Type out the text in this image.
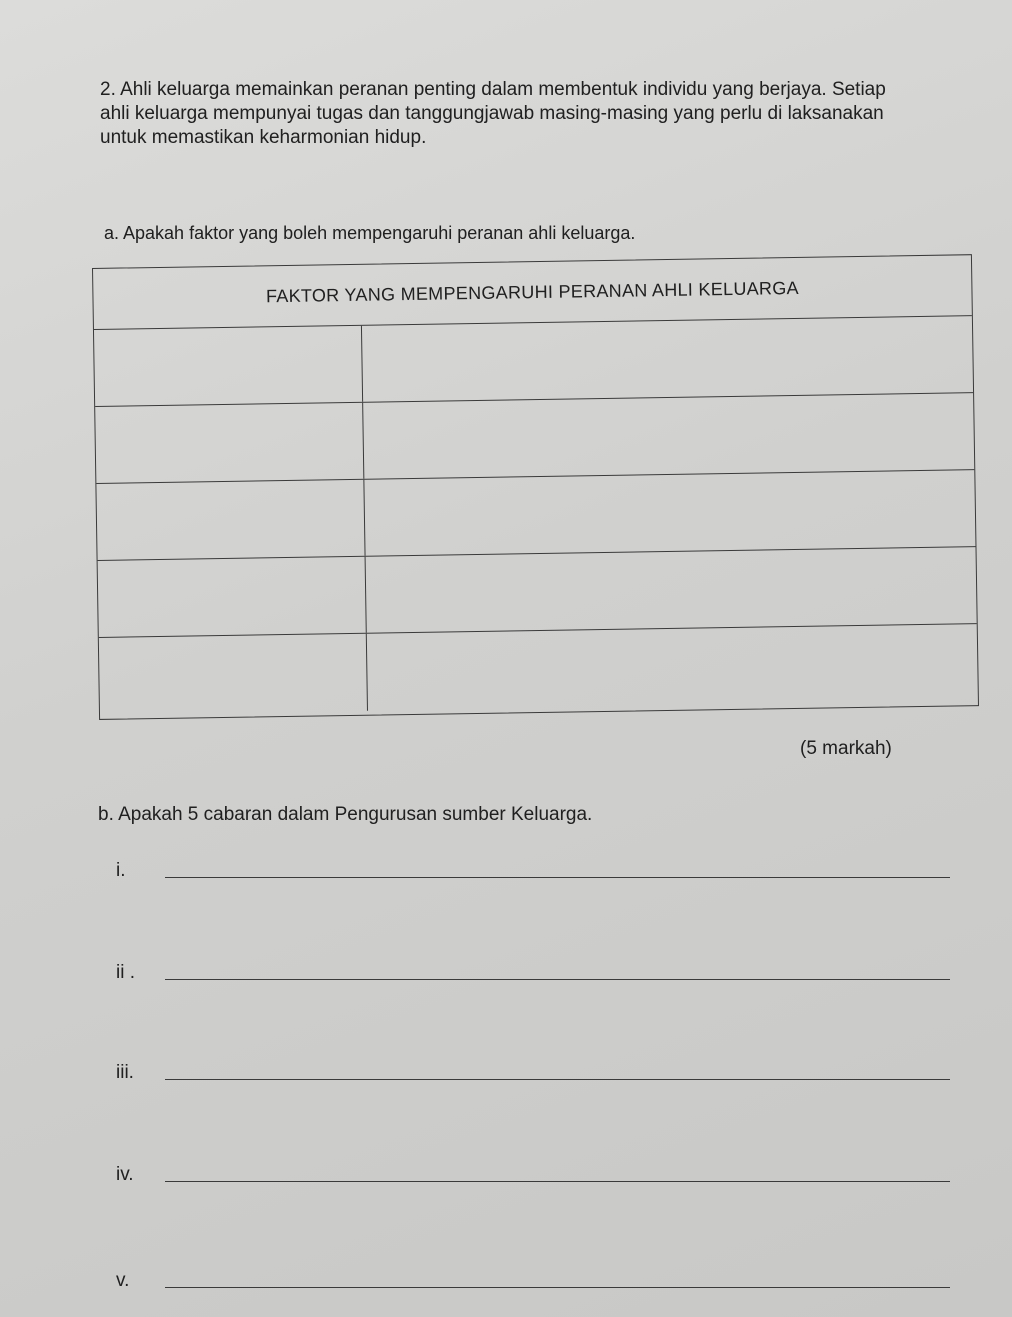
2. Ahli keluarga memainkan peranan penting dalam membentuk individu yang berjaya. Setiap ahli keluarga mempunyai tugas dan tanggungjawab masing-masing yang perlu di laksanakan untuk memastikan keharmonian hidup.

a. Apakah faktor yang boleh mempengaruhi peranan ahli keluarga.

FAKTOR YANG MEMPENGARUHI PERANAN AHLI KELUARGA

(5 markah)

b. Apakah 5 cabaran dalam Pengurusan sumber Keluarga.

i.
ii .
iii.
iv.
v.
